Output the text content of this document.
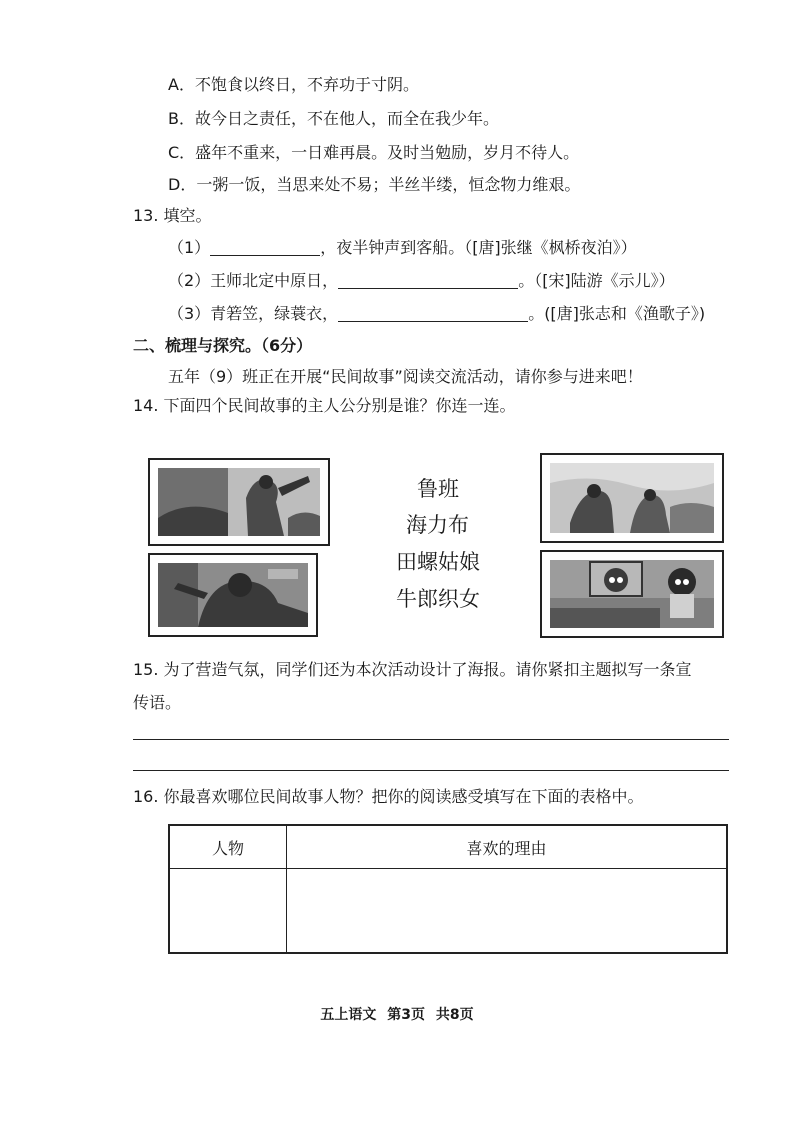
A．不饱食以终日，不弃功于寸阴。
B．故今日之责任，不在他人，而全在我少年。
C．盛年不重来，一日难再晨。及时当勉励，岁月不待人。
D．一粥一饭，当思来处不易；半丝半缕，恒念物力维艰。
13. 填空。
（1）	，夜半钟声到客船。（[唐]张继《枫桥夜泊》）
（2）王师北定中原日，	。（[宋]陆游《示儿》）
（3）青箬笠，绿蓑衣，	。([唐]张志和《渔歌子》)
二、梳理与探究。（6分）
五年（9）班正在开展“民间故事”阅读交流活动，请你参与进来吧！
14. 下面四个民间故事的主人公分别是谁？你连一连。
鲁班
海力布
田螺姑娘
牛郎织女
15. 为了营造气氛，同学们还为本次活动设计了海报。请你紧扣主题拟写一条宣
传语。
16. 你最喜欢哪位民间故事人物？把你的阅读感受填写在下面的表格中。
人物	喜欢的理由

五上语文 第3页 共8页
